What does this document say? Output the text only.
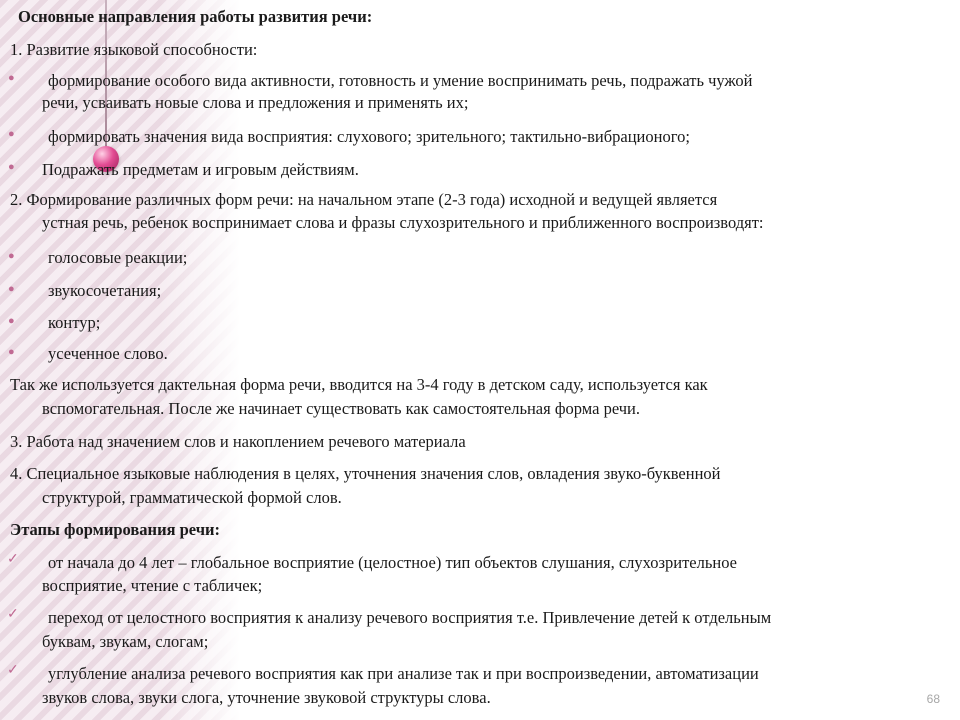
Основные направления работы развития речи:
1. Развитие языковой способности:
● формирование особого вида активности, готовность и умение воспринимать речь, подражать чужой
речи, усваивать новые слова и предложения и применять их;
● формировать значения вида восприятия: слухового; зрительного; тактильно-вибрационого;
● Подражать предметам и игровым действиям.
2. Формирование различных форм речи: на начальном этапе (2-3 года) исходной и ведущей является
устная речь, ребенок воспринимает слова и фразы слухозрительного и приближенного воспроизводят:
● голосовые реакции;
● звукосочетания;
● контур;
● усеченное слово.
Так же используется дактельная форма речи, вводится на 3-4 году в детском саду, используется как
вспомогательная. После же начинает существовать как самостоятельная форма речи.
3. Работа над значением слов и накоплением речевого материала
4. Специальное языковые наблюдения в целях, уточнения значения слов, овладения звуко-буквенной
структурой, грамматической формой слов.
Этапы формирования речи:
✓ от начала до 4 лет – глобальное восприятие (целостное) тип объектов слушания, слухозрительное
восприятие, чтение с табличек;
✓ переход от целостного восприятия к анализу речевого восприятия т.е. Привлечение детей к отдельным
буквам, звукам, слогам;
✓ углубление анализа речевого восприятия как при анализе так и при воспроизведении, автоматизации
звуков слова, звуки слога, уточнение звуковой структуры слова.	68
